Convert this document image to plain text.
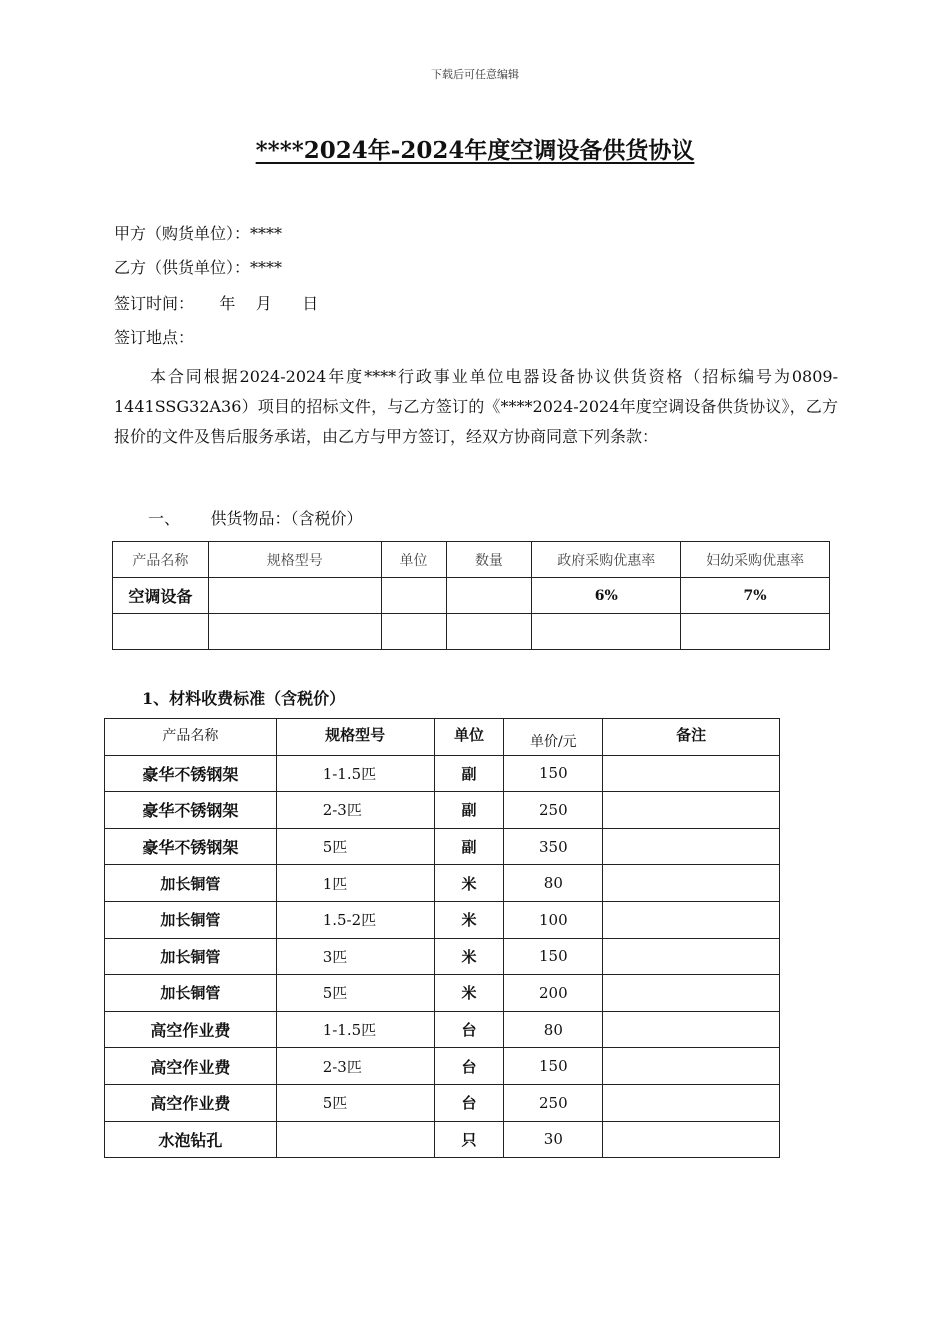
下载后可任意编辑
****2024年-2024年度空调设备供货协议
甲方（购货单位）：****
乙方（供货单位）：****
签订时间：     年    月      日
签订地点：

本合同根据2024-2024年度****行政事业单位电器设备协议供货资格（招标编号为0809-1441SSG32A36）项目的招标文件，与乙方签订的《****2024-2024年度空调设备供货协议》，乙方报价的文件及售后服务承诺，由乙方与甲方签订，经双方协商同意下列条款：

一、      供货物品：（含税价）
产品名称	规格型号	单位	数量	政府采购优惠率	妇幼采购优惠率
空调设备				6%	7%

1、材料收费标准（含税价）
产品名称	规格型号	单位	单价/元	备注
豪华不锈钢架	1-1.5匹	副	150	
豪华不锈钢架	2-3匹	副	250	
豪华不锈钢架	5匹	副	350	
加长铜管	1匹	米	80	
加长铜管	1.5-2匹	米	100	
加长铜管	3匹	米	150	
加长铜管	5匹	米	200	
高空作业费	1-1.5匹	台	80	
高空作业费	2-3匹	台	150	
高空作业费	5匹	台	250	
水泡钻孔		只	30	
